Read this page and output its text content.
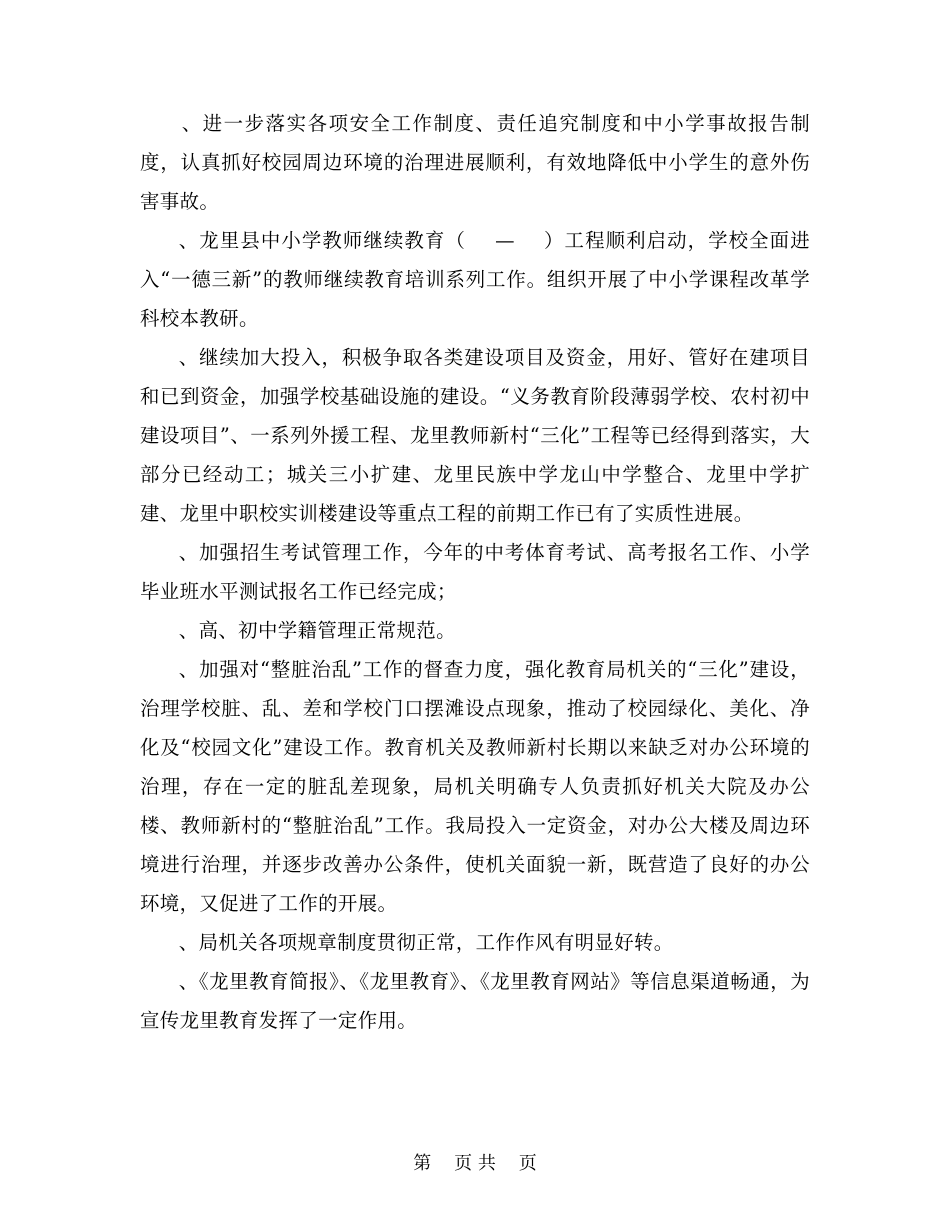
、进一步落实各项安全工作制度、责任追究制度和中小学事故报告制度，认真抓好校园周边环境的治理进展顺利，有效地降低中小学生的意外伤害事故。

、龙里县中小学教师继续教育（    —    ）工程顺利启动，学校全面进入“一德三新”的教师继续教育培训系列工作。组织开展了中小学课程改革学科校本教研。

、继续加大投入，积极争取各类建设项目及资金，用好、管好在建项目和已到资金，加强学校基础设施的建设。“义务教育阶段薄弱学校、农村初中建设项目”、一系列外援工程、龙里教师新村“三化”工程等已经得到落实，大部分已经动工；城关三小扩建、龙里民族中学龙山中学整合、龙里中学扩建、龙里中职校实训楼建设等重点工程的前期工作已有了实质性进展。

、加强招生考试管理工作，今年的中考体育考试、高考报名工作、小学毕业班水平测试报名工作已经完成；

、高、初中学籍管理正常规范。

、加强对“整脏治乱”工作的督查力度，强化教育局机关的“三化”建设，治理学校脏、乱、差和学校门口摆滩设点现象，推动了校园绿化、美化、净化及“校园文化”建设工作。教育机关及教师新村长期以来缺乏对办公环境的治理，存在一定的脏乱差现象，局机关明确专人负责抓好机关大院及办公楼、教师新村的“整脏治乱”工作。我局投入一定资金，对办公大楼及周边环境进行治理，并逐步改善办公条件，使机关面貌一新，既营造了良好的办公环境，又促进了工作的开展。

、局机关各项规章制度贯彻正常，工作作风有明显好转。

、《龙里教育简报》、《龙里教育》、《龙里教育网站》等信息渠道畅通，为宣传龙里教育发挥了一定作用。

第    页 共    页
